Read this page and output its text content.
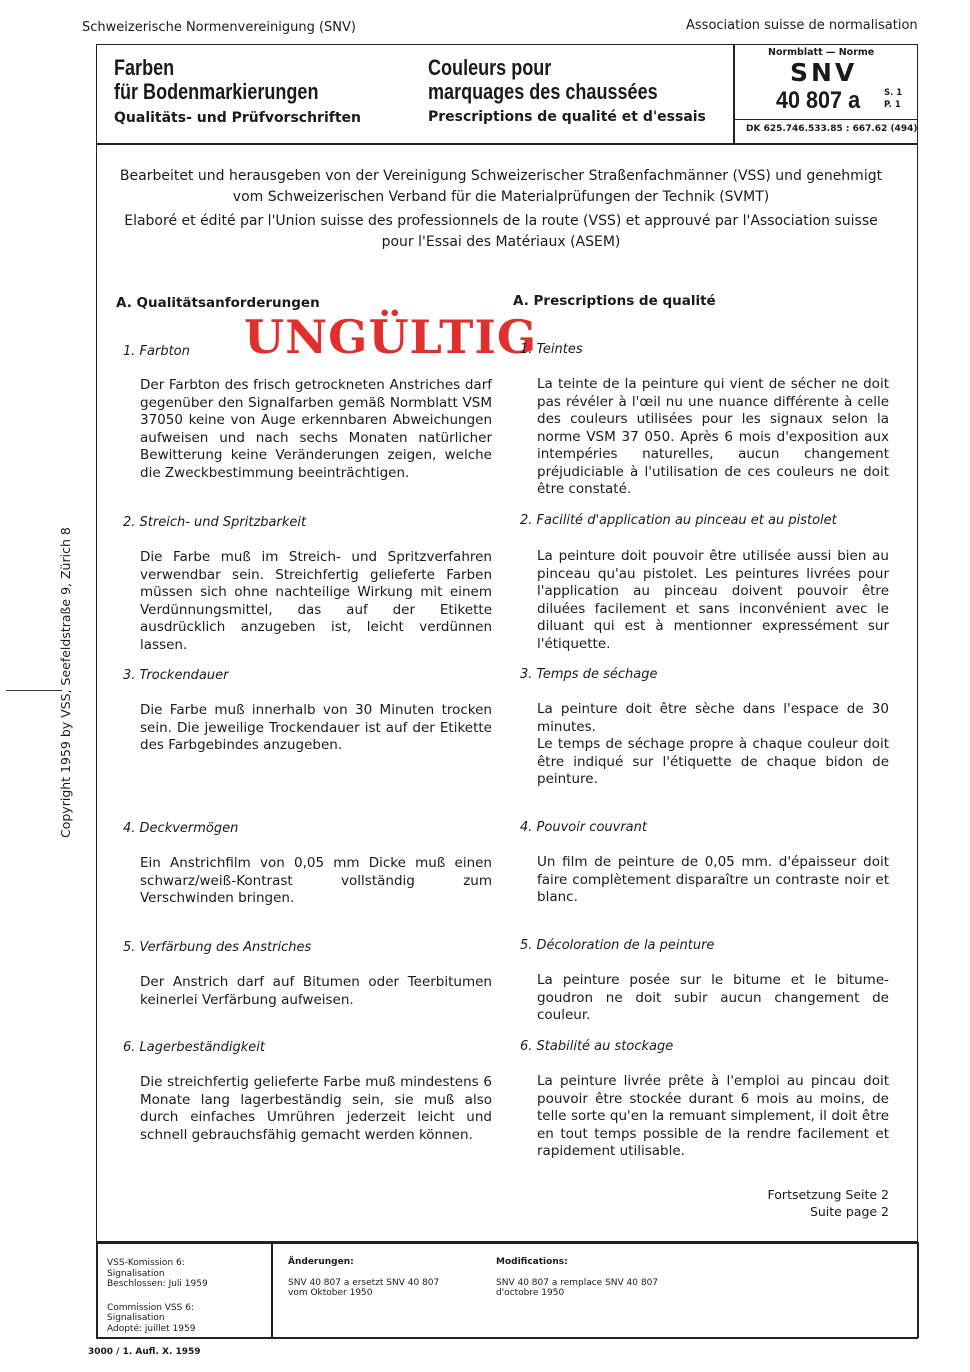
Schweizerische Normenvereinigung (SNV)	Association suisse de normalisation
Farben
für Bodenmarkierungen
Qualitäts- und Prüfvorschriften
Couleurs pour
marquages des chaussées
Prescriptions de qualité et d'essais
Normblatt — Norme
SNV
40 807 a	S. 1
P. 1
DK 625.746.533.85 : 667.62 (494)
Bearbeitet und herausgeben von der Vereinigung Schweizerischer Straßenfachmänner (VSS) und genehmigt vom Schweizerischen Verband für die Materialprüfungen der Technik (SVMT)
Elaboré et édité par l'Union suisse des professionnels de la route (VSS) et approuvé par l'Association suisse pour l'Essai des Matériaux (ASEM)
UNGÜLTIG
A. Qualitätsanforderungen
1. Farbton
Der Farbton des frisch getrockneten Anstriches darf gegenüber den Signalfarben gemäß Normblatt VSM 37050 keine von Auge erkennbaren Abweichungen aufweisen und nach sechs Monaten natürlicher Bewitterung keine Veränderungen zeigen, welche die Zweckbestimmung beeinträchtigen.
2. Streich- und Spritzbarkeit
Die Farbe muß im Streich- und Spritzverfahren verwendbar sein. Streichfertig gelieferte Farben müssen sich ohne nachteilige Wirkung mit einem Verdünnungsmittel, das auf der Etikette ausdrücklich anzugeben ist, leicht verdünnen lassen.
3. Trockendauer
Die Farbe muß innerhalb von 30 Minuten trocken sein. Die jeweilige Trockendauer ist auf der Etikette des Farbgebindes anzugeben.
4. Deckvermögen
Ein Anstrichfilm von 0,05 mm Dicke muß einen schwarz/weiß-Kontrast vollständig zum Verschwinden bringen.
5. Verfärbung des Anstriches
Der Anstrich darf auf Bitumen oder Teerbitumen keinerlei Verfärbung aufweisen.
6. Lagerbeständigkeit
Die streichfertig gelieferte Farbe muß mindestens 6 Monate lang lagerbeständig sein, sie muß also durch einfaches Umrühren jederzeit leicht und schnell gebrauchsfähig gemacht werden können.
A. Prescriptions de qualité
1. Teintes
La teinte de la peinture qui vient de sécher ne doit pas révéler à l'œil nu une nuance différente à celle des couleurs utilisées pour les signaux selon la norme VSM 37 050. Après 6 mois d'exposition aux intempéries naturelles, aucun changement préjudiciable à l'utilisation de ces couleurs ne doit être constaté.
2. Facilité d'application au pinceau et au pistolet
La peinture doit pouvoir être utilisée aussi bien au pinceau qu'au pistolet. Les peintures livrées pour l'application au pinceau doivent pouvoir être diluées facilement et sans inconvénient avec le diluant qui est à mentionner expressément sur l'étiquette.
3. Temps de séchage
La peinture doit être sèche dans l'espace de 30 minutes.
Le temps de séchage propre à chaque couleur doit être indiqué sur l'étiquette de chaque bidon de peinture.
4. Pouvoir couvrant
Un film de peinture de 0,05 mm. d'épaisseur doit faire complètement disparaître un contraste noir et blanc.
5. Décoloration de la peinture
La peinture posée sur le bitume et le bitume-goudron ne doit subir aucun changement de couleur.
6. Stabilité au stockage
La peinture livrée prête à l'emploi au pincau doit pouvoir être stockée durant 6 mois au moins, de telle sorte qu'en la remuant simplement, il doit être en tout temps possible de la rendre facilement et rapidement utilisable.
Fortsetzung Seite 2
Suite page 2
VSS-Komission 6:
Signalisation
Beschlossen: Juli 1959
Commission VSS 6:
Signalisation
Adopté: juillet 1959
Änderungen:
SNV 40 807 a ersetzt SNV 40 807
vom Oktober 1950
Modifications:
SNV 40 807 a remplace SNV 40 807
d'octobre 1950
3000 / 1. Aufl. X. 1959
Copyright 1959 by VSS, Seefeldstraße 9, Zürich 8
